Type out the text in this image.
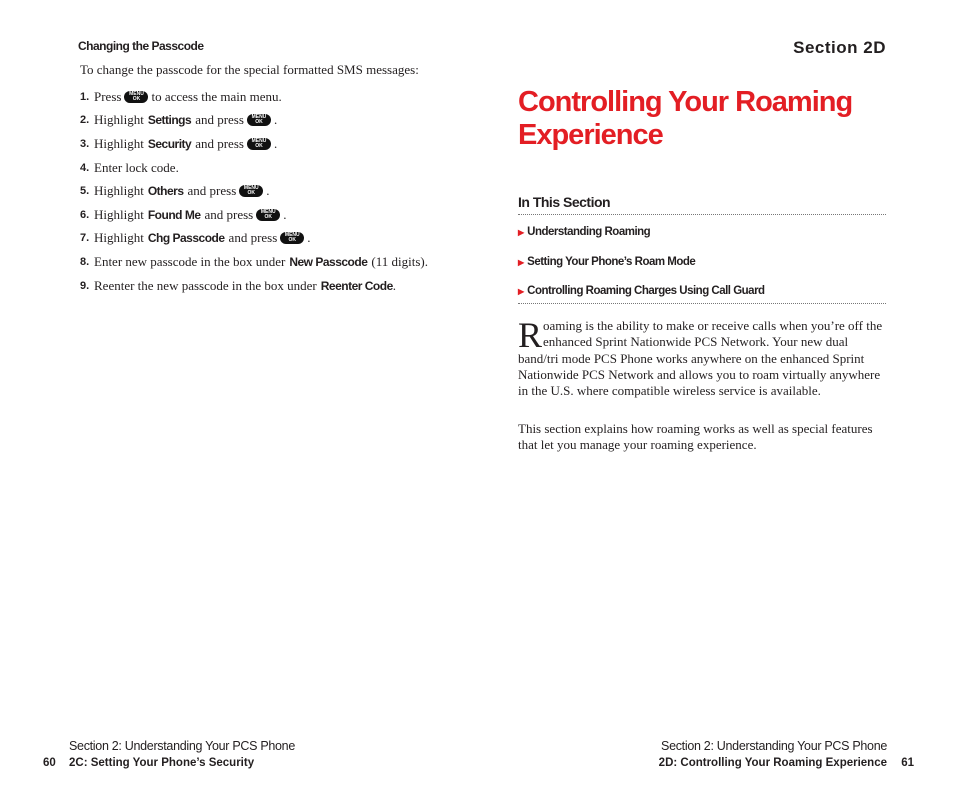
Changing the Passcode
To change the passcode for the special formatted SMS messages:
1. Press MENU
OK to access the main menu.
2. Highlight Settings and press MENU
OK .
3. Highlight Security and press MENU
OK .
4. Enter lock code.
5. Highlight Others and press MENU
OK .
6. Highlight Found Me and press MENU
OK .
7. Highlight Chg Passcode and press MENU
OK .
8. Enter new passcode in the box under New Passcode (11 digits).
9. Reenter the new passcode in the box under Reenter Code .
Section 2D
Controlling Your Roaming Experience
In This Section
▶ Understanding Roaming
▶ Setting Your Phone’s Roam Mode
▶ Controlling Roaming Charges Using Call Guard

Roaming is the ability to make or receive calls when you’re off the enhanced Sprint Nationwide PCS Network. Your new dual band/tri mode PCS Phone works anywhere on the enhanced Sprint Nationwide PCS Network and allows you to roam virtually anywhere in the U.S. where compatible wireless service is available.

This section explains how roaming works as well as special features that let you manage your roaming experience.

Section 2: Understanding Your PCS Phone
60 2C: Setting Your Phone’s Security
Section 2: Understanding Your PCS Phone
2D: Controlling Your Roaming Experience 61
